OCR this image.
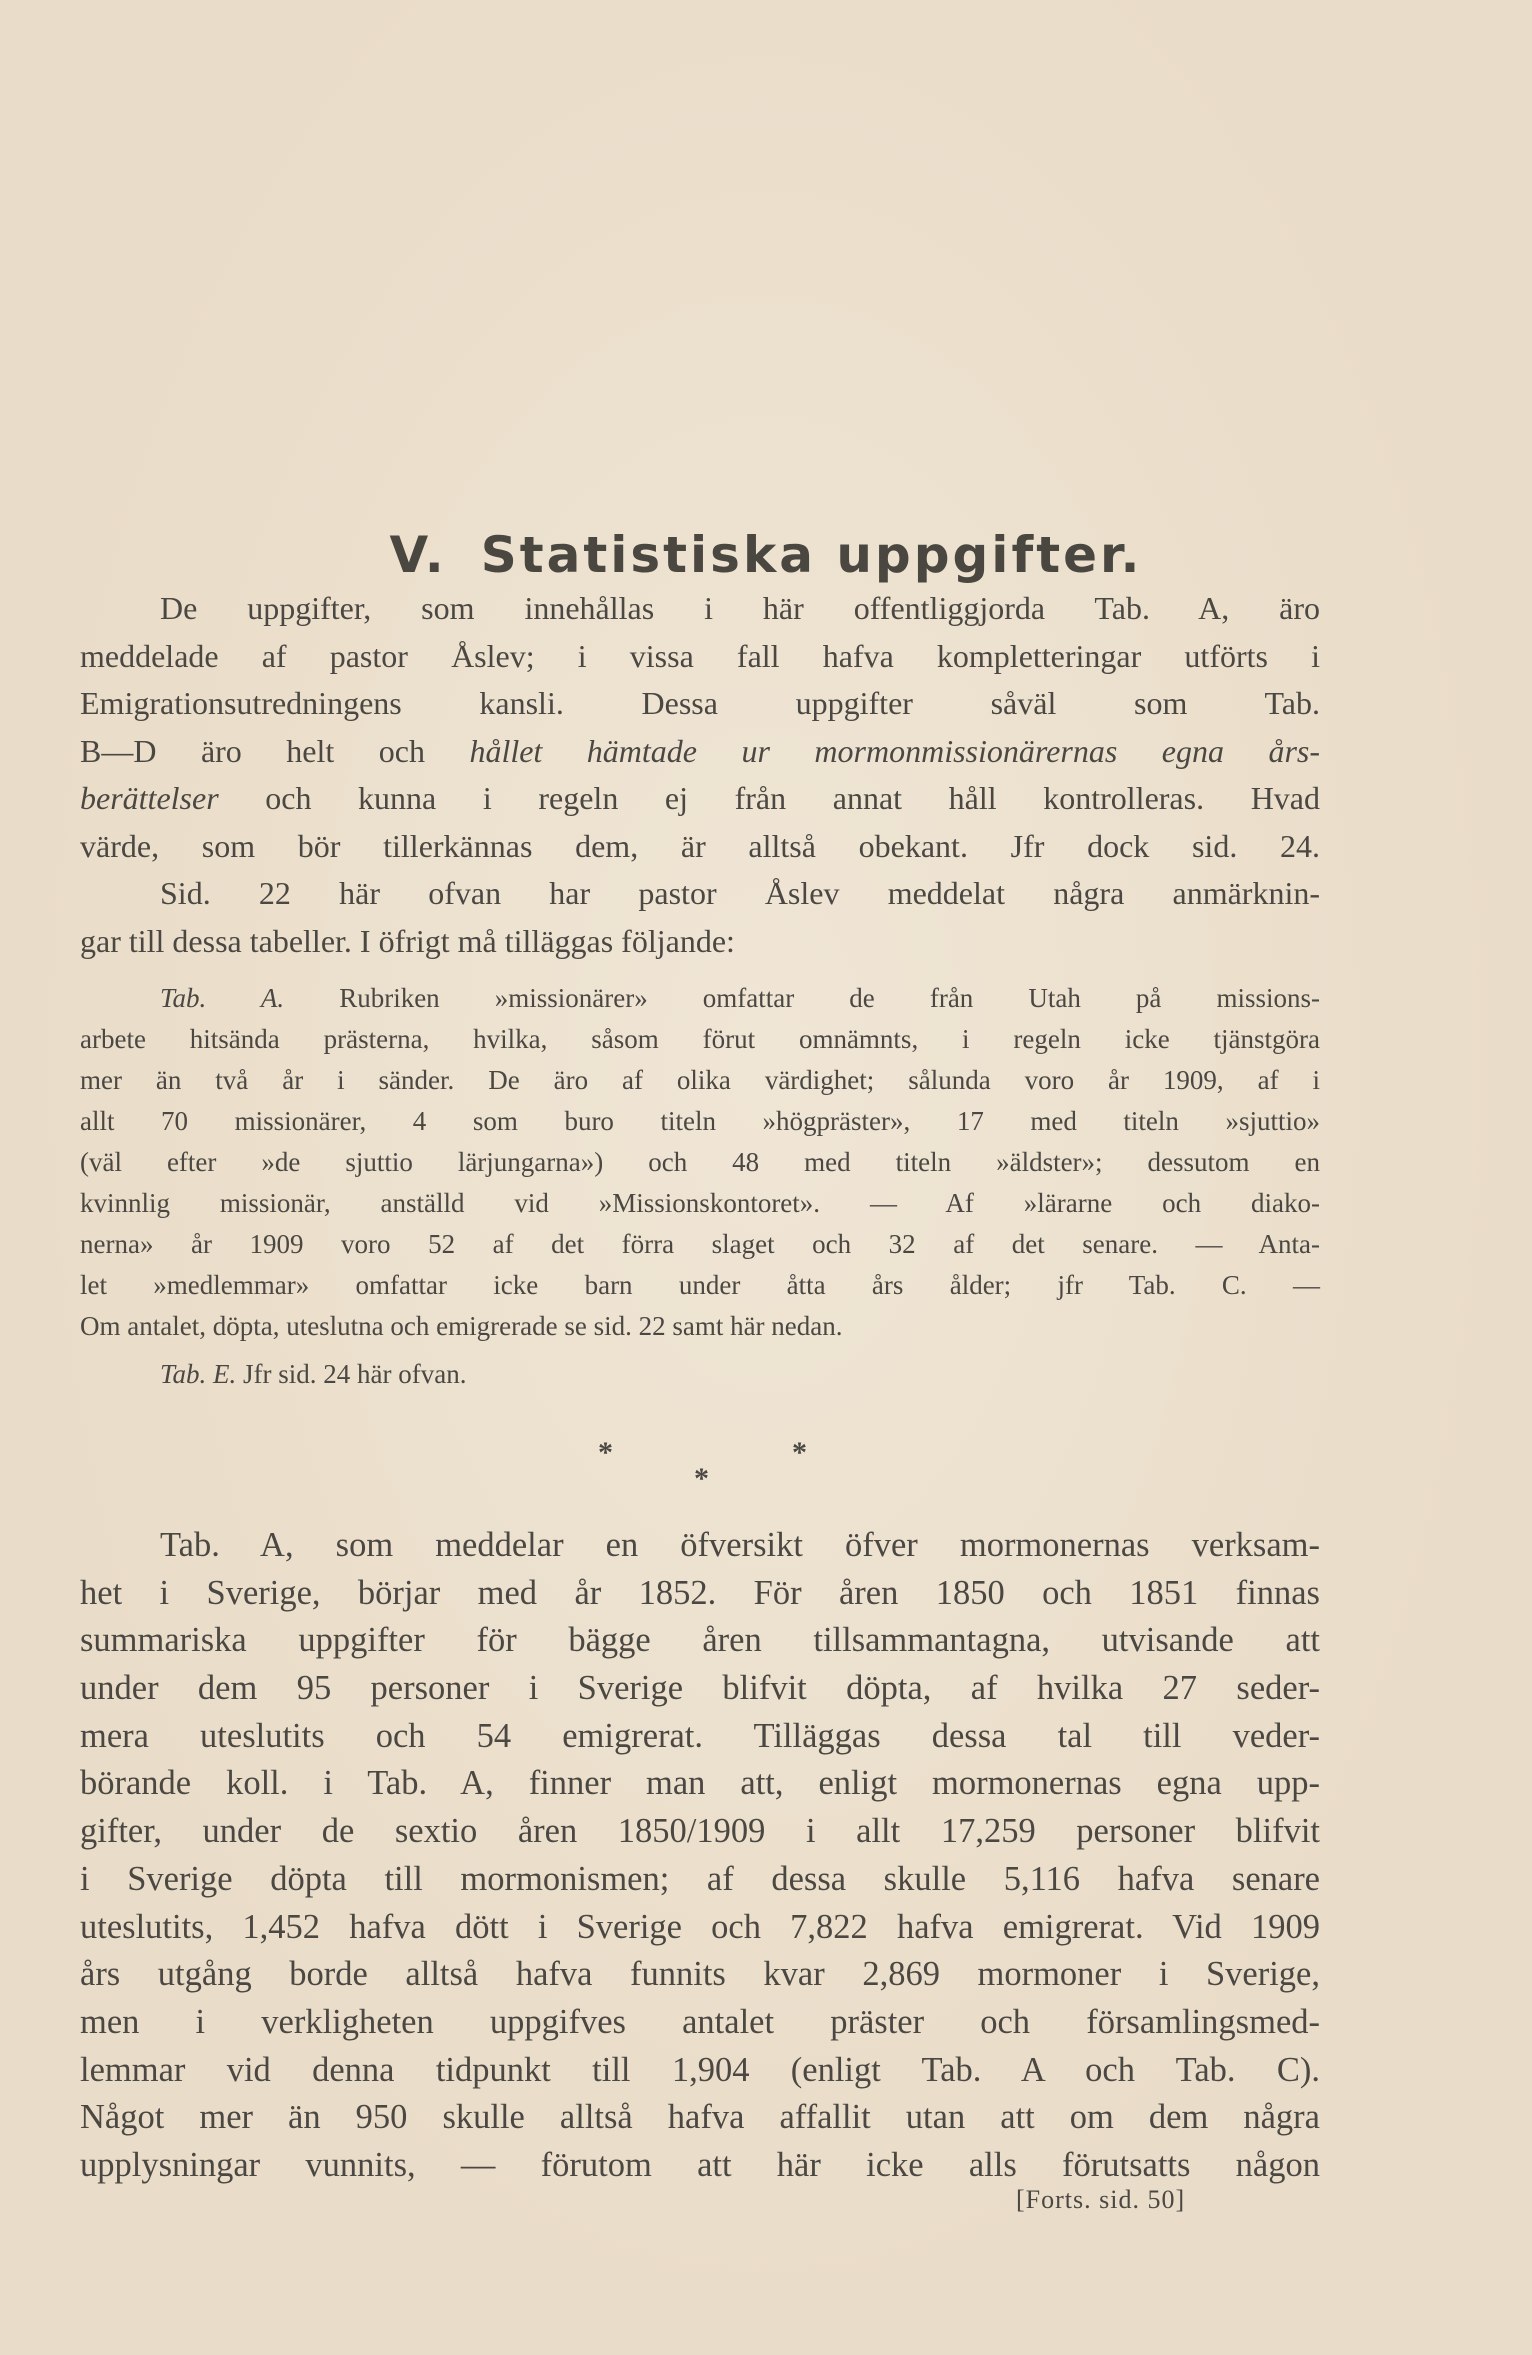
V. Statistiska uppgifter.
De uppgifter, som innehållas i här offentliggjorda Tab. A, äro
meddelade af pastor Åslev; i vissa fall hafva kompletteringar utförts i
Emigrationsutredningens kansli. Dessa uppgifter såväl som Tab.
B—D äro helt och hållet hämtade ur mormonmissionärernas egna års-
berättelser och kunna i regeln ej från annat håll kontrolleras. Hvad
värde, som bör tillerkännas dem, är alltså obekant. Jfr dock sid. 24.
Sid. 22 här ofvan har pastor Åslev meddelat några anmärknin-
gar till dessa tabeller. I öfrigt må tilläggas följande:
Tab. A. Rubriken »missionärer» omfattar de från Utah på missions-
arbete hitsända prästerna, hvilka, såsom förut omnämnts, i regeln icke tjänstgöra
mer än två år i sänder. De äro af olika värdighet; sålunda voro år 1909, af i
allt 70 missionärer, 4 som buro titeln »högpräster», 17 med titeln »sjuttio»
(väl efter »de sjuttio lärjungarna») och 48 med titeln »äldster»; dessutom en
kvinnlig missionär, anställd vid »Missionskontoret». — Af »lärarne och diako-
nerna» år 1909 voro 52 af det förra slaget och 32 af det senare. — Anta-
let »medlemmar» omfattar icke barn under åtta års ålder; jfr Tab. C. —
Om antalet, döpta, uteslutna och emigrerade se sid. 22 samt här nedan.
Tab. E. Jfr sid. 24 här ofvan.
*	*
*
Tab. A, som meddelar en öfversikt öfver mormonernas verksam-
het i Sverige, börjar med år 1852. För åren 1850 och 1851 finnas
summariska uppgifter för bägge åren tillsammantagna, utvisande att
under dem 95 personer i Sverige blifvit döpta, af hvilka 27 seder-
mera uteslutits och 54 emigrerat. Tilläggas dessa tal till veder-
börande koll. i Tab. A, finner man att, enligt mormonernas egna upp-
gifter, under de sextio åren 1850/1909 i allt 17,259 personer blifvit
i Sverige döpta till mormonismen; af dessa skulle 5,116 hafva senare
uteslutits, 1,452 hafva dött i Sverige och 7,822 hafva emigrerat. Vid 1909
års utgång borde alltså hafva funnits kvar 2,869 mormoner i Sverige,
men i verkligheten uppgifves antalet präster och församlingsmed-
lemmar vid denna tidpunkt till 1,904 (enligt Tab. A och Tab. C).
Något mer än 950 skulle alltså hafva affallit utan att om dem några
upplysningar vunnits, — förutom att här icke alls förutsatts någon
[Forts. sid. 50]
